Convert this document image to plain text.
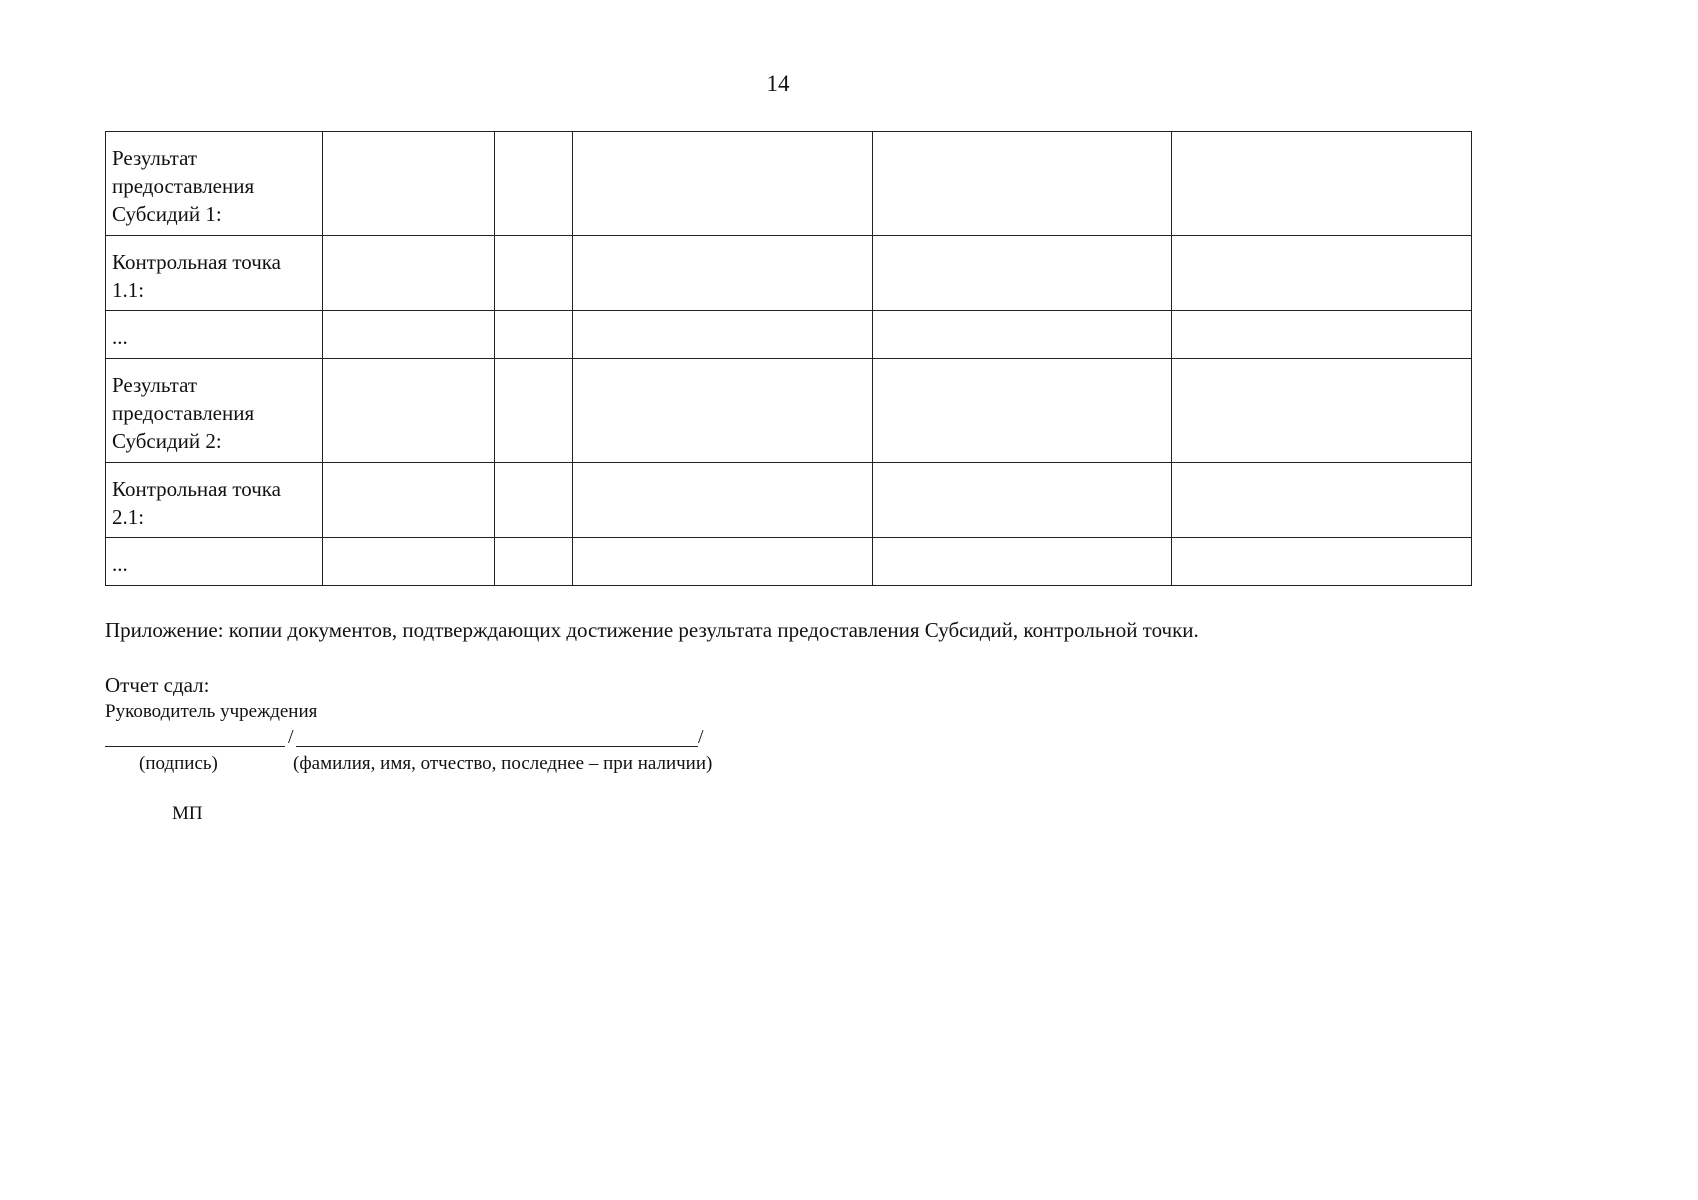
14
Результат предоставления Субсидий 1:					
Контрольная точка 1.1:					
...					
Результат предоставления Субсидий 2:					
Контрольная точка 2.1:					
...					
Приложение: копии документов, подтверждающих достижение результата предоставления Субсидий, контрольной точки.
Отчет сдал:
Руководитель учреждения
/	/
(подпись)	(фамилия, имя, отчество, последнее – при наличии)
МП
